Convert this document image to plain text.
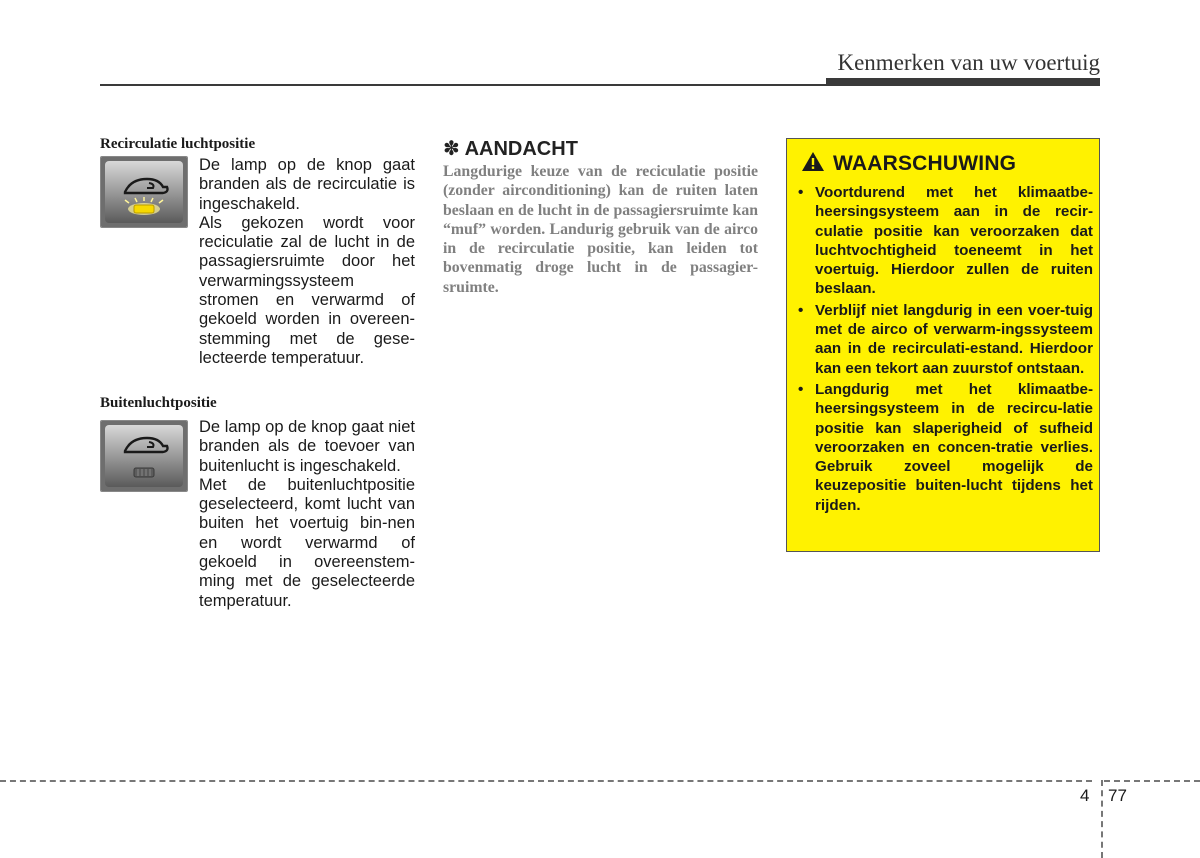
Kenmerken van uw voertuig
Recirculatie luchtpositie

De lamp op de knop gaat branden als de recirculatie is ingeschakeld.

Als gekozen wordt voor reciculatie zal de lucht in de passagiersruimte door het verwarmingssysteem stromen en verwarmd of gekoeld worden in overeen-stemming met de gese-lecteerde temperatuur.

Buitenluchtpositie

De lamp op de knop gaat niet branden als de toevoer van buitenlucht is ingeschakeld.

Met de buitenluchtpositie geselecteerd, komt lucht van buiten het voertuig bin-nen en wordt verwarmd of gekoeld in overeenstem-ming met de geselecteerde temperatuur.

✽ AANDACHT

Langdurige keuze van de reciculatie positie (zonder airconditioning) kan de ruiten laten beslaan en de lucht in de passagiersruimte kan “muf” worden. Landurig gebruik van de airco in de recirculatie positie, kan leiden tot bovenmatig droge lucht in de passagier-sruimte.

WAARSCHUWING
• Voortdurend met het klimaatbe-heersingsysteem aan in de recir-culatie positie kan veroorzaken dat luchtvochtigheid toeneemt in het voertuig. Hierdoor zullen de ruiten beslaan.
• Verblijf niet langdurig in een voer-tuig met de airco of verwarm-ingssysteem aan in de recirculati-estand. Hierdoor kan een tekort aan zuurstof ontstaan.
• Langdurig met het klimaatbe-heersingsysteem in de recircu-latie positie kan slaperigheid of sufheid veroorzaken en concen-tratie verlies. Gebruik zoveel mogelijk de keuzepositie buiten-lucht tijdens het rijden.
4 77
